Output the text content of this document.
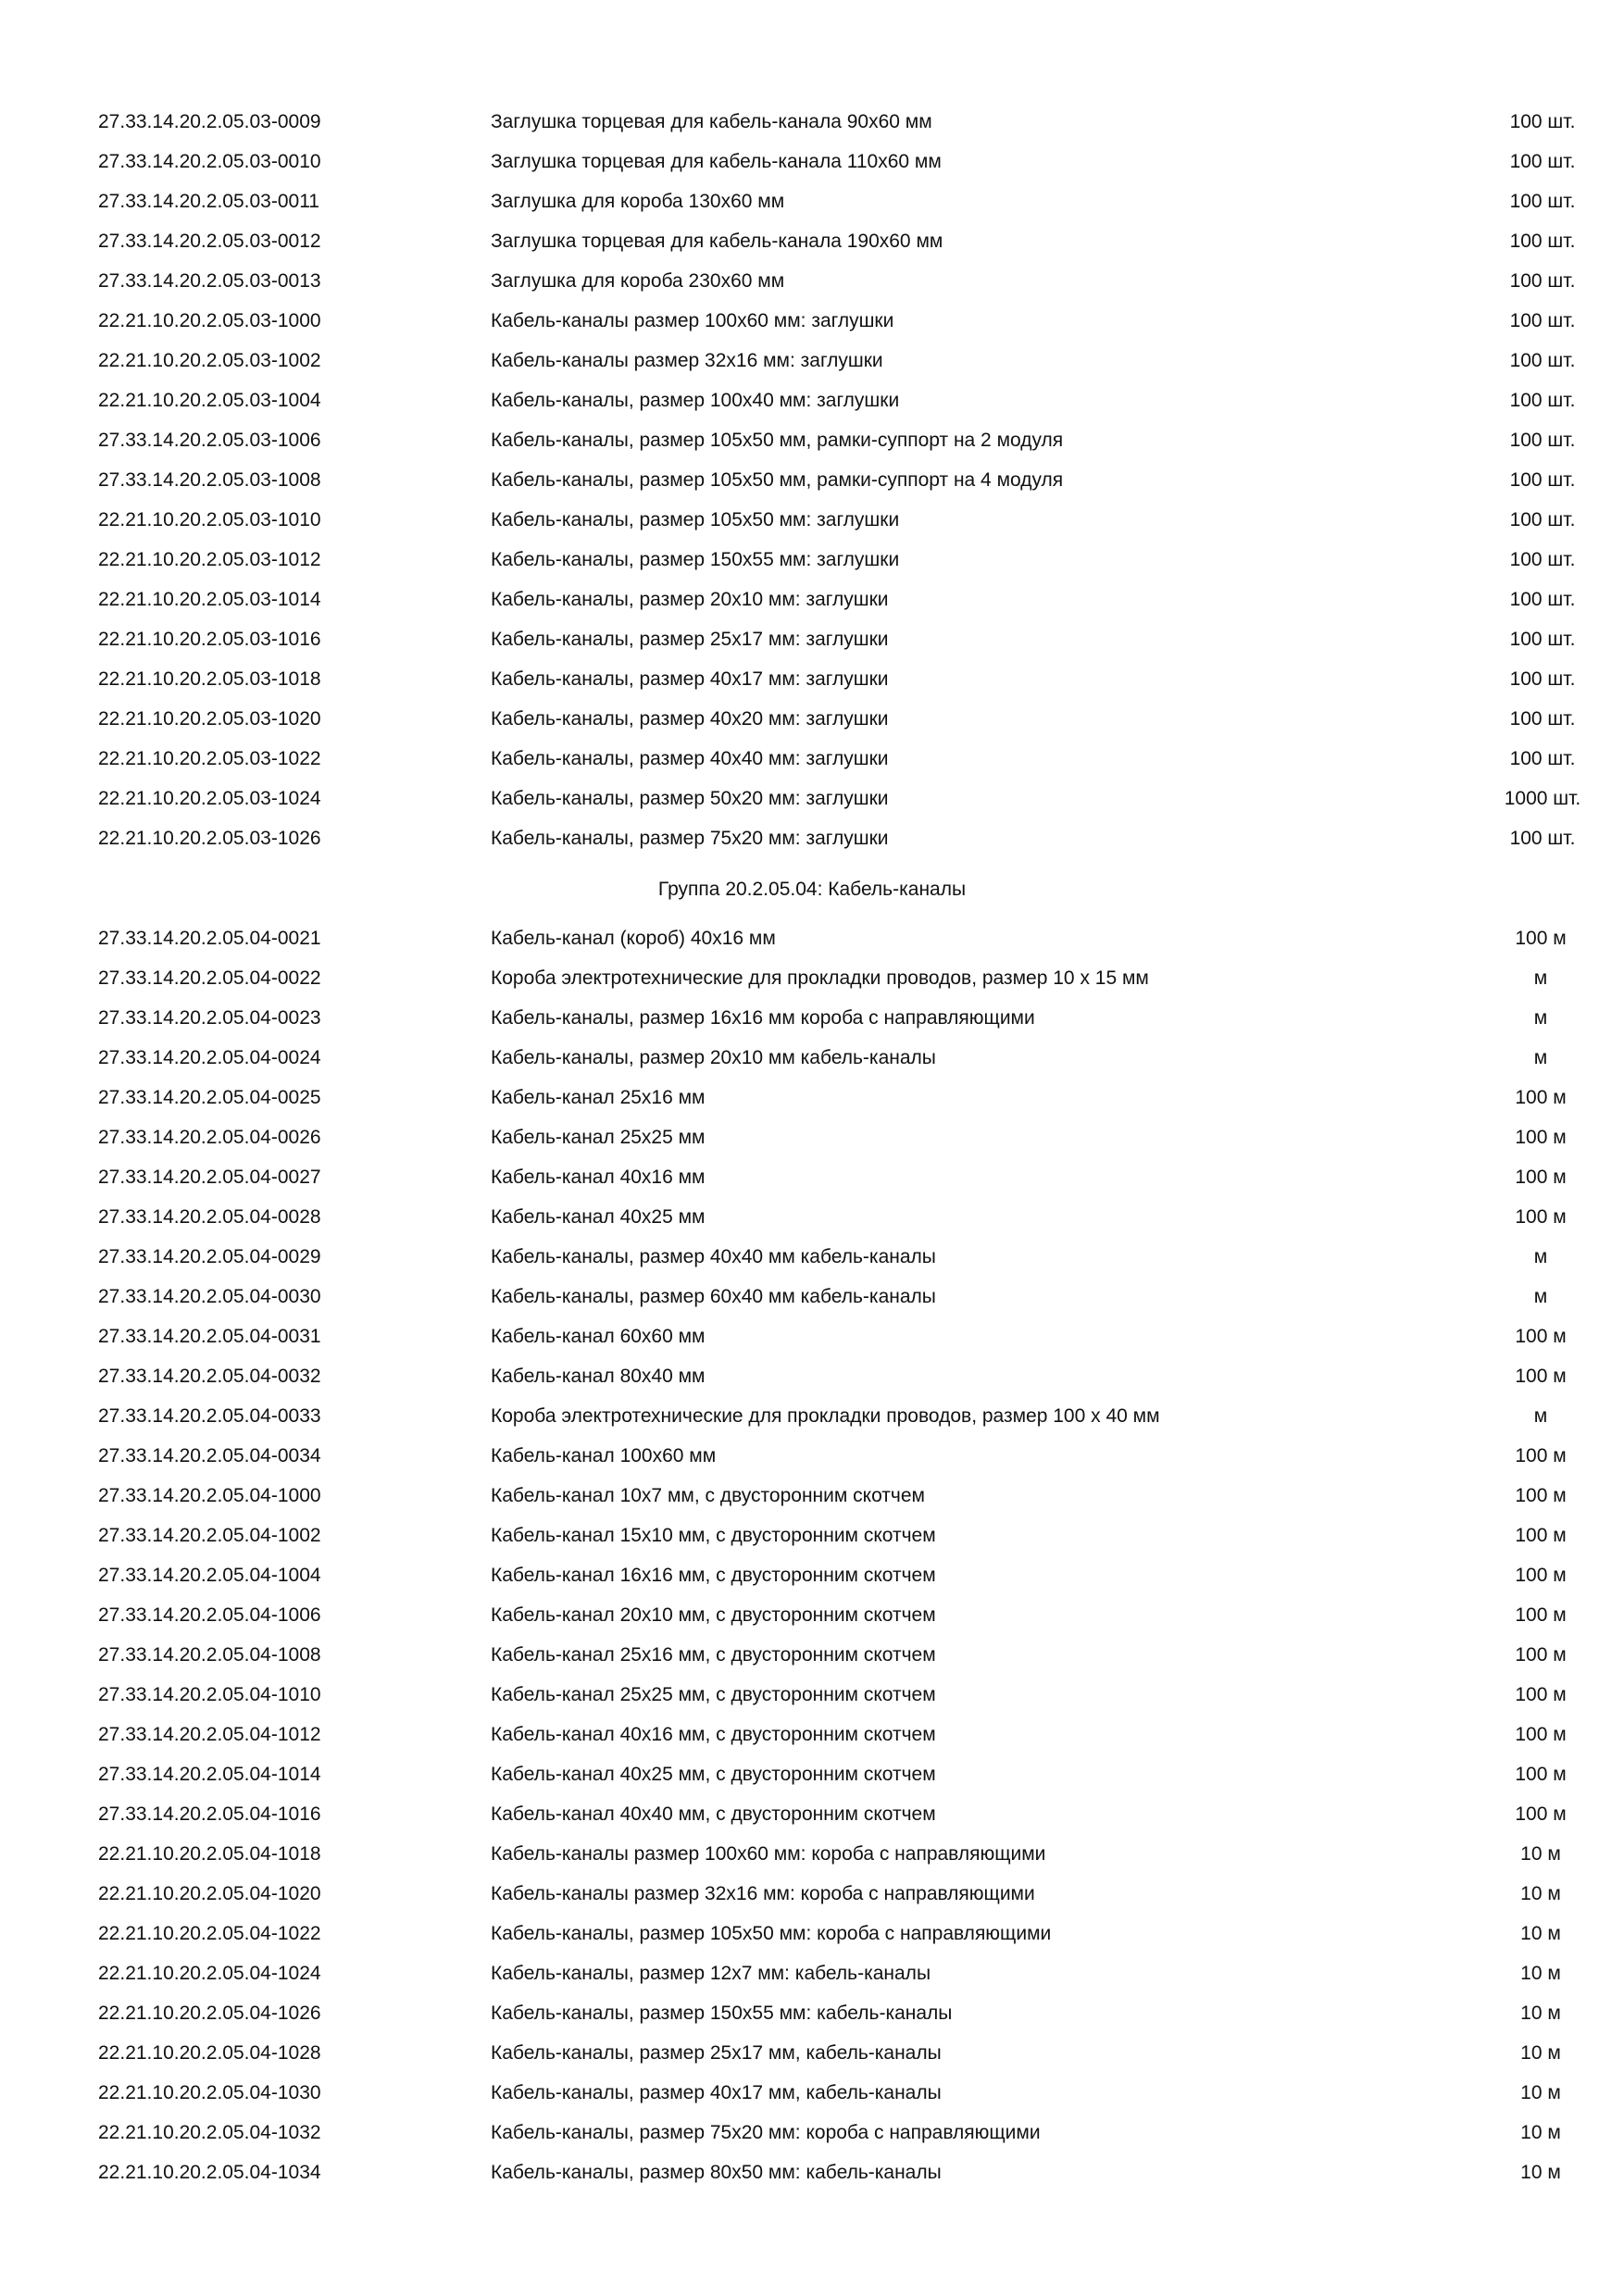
27.33.14.20.2.05.03-0009	Заглушка торцевая для кабель-канала 90х60 мм	100 шт.
27.33.14.20.2.05.03-0010	Заглушка торцевая для кабель-канала 110х60 мм	100 шт.
27.33.14.20.2.05.03-0011	Заглушка для короба 130х60 мм	100 шт.
27.33.14.20.2.05.03-0012	Заглушка торцевая для кабель-канала 190х60 мм	100 шт.
27.33.14.20.2.05.03-0013	Заглушка для короба 230х60 мм	100 шт.
22.21.10.20.2.05.03-1000	Кабель-каналы размер 100х60 мм: заглушки	100 шт.
22.21.10.20.2.05.03-1002	Кабель-каналы размер 32х16 мм: заглушки	100 шт.
22.21.10.20.2.05.03-1004	Кабель-каналы, размер 100х40 мм: заглушки	100 шт.
27.33.14.20.2.05.03-1006	Кабель-каналы, размер 105х50 мм, рамки-суппорт на 2 модуля	100 шт.
27.33.14.20.2.05.03-1008	Кабель-каналы, размер 105х50 мм, рамки-суппорт на 4 модуля	100 шт.
22.21.10.20.2.05.03-1010	Кабель-каналы, размер 105х50 мм: заглушки	100 шт.
22.21.10.20.2.05.03-1012	Кабель-каналы, размер 150х55 мм: заглушки	100 шт.
22.21.10.20.2.05.03-1014	Кабель-каналы, размер 20х10 мм: заглушки	100 шт.
22.21.10.20.2.05.03-1016	Кабель-каналы, размер 25х17 мм: заглушки	100 шт.
22.21.10.20.2.05.03-1018	Кабель-каналы, размер 40х17 мм: заглушки	100 шт.
22.21.10.20.2.05.03-1020	Кабель-каналы, размер 40х20 мм: заглушки	100 шт.
22.21.10.20.2.05.03-1022	Кабель-каналы, размер 40х40 мм: заглушки	100 шт.
22.21.10.20.2.05.03-1024	Кабель-каналы, размер 50х20 мм: заглушки	1000 шт.
22.21.10.20.2.05.03-1026	Кабель-каналы, размер 75х20 мм: заглушки	100 шт.
Группа 20.2.05.04: Кабель-каналы
27.33.14.20.2.05.04-0021	Кабель-канал (короб) 40х16 мм	100 м
27.33.14.20.2.05.04-0022	Короба электротехнические для прокладки проводов, размер 10 х 15 мм	м
27.33.14.20.2.05.04-0023	Кабель-каналы, размер 16х16 мм короба с направляющими	м
27.33.14.20.2.05.04-0024	Кабель-каналы, размер 20х10 мм кабель-каналы	м
27.33.14.20.2.05.04-0025	Кабель-канал 25х16 мм	100 м
27.33.14.20.2.05.04-0026	Кабель-канал 25х25 мм	100 м
27.33.14.20.2.05.04-0027	Кабель-канал 40х16 мм	100 м
27.33.14.20.2.05.04-0028	Кабель-канал 40х25 мм	100 м
27.33.14.20.2.05.04-0029	Кабель-каналы, размер 40х40 мм кабель-каналы	м
27.33.14.20.2.05.04-0030	Кабель-каналы, размер 60х40 мм кабель-каналы	м
27.33.14.20.2.05.04-0031	Кабель-канал 60х60 мм	100 м
27.33.14.20.2.05.04-0032	Кабель-канал 80х40 мм	100 м
27.33.14.20.2.05.04-0033	Короба электротехнические для прокладки проводов, размер 100 х 40 мм	м
27.33.14.20.2.05.04-0034	Кабель-канал 100х60 мм	100 м
27.33.14.20.2.05.04-1000	Кабель-канал 10х7 мм, с двусторонним скотчем	100 м
27.33.14.20.2.05.04-1002	Кабель-канал 15х10 мм, с двусторонним скотчем	100 м
27.33.14.20.2.05.04-1004	Кабель-канал 16х16 мм, с двусторонним скотчем	100 м
27.33.14.20.2.05.04-1006	Кабель-канал 20х10 мм, с двусторонним скотчем	100 м
27.33.14.20.2.05.04-1008	Кабель-канал 25х16 мм, с двусторонним скотчем	100 м
27.33.14.20.2.05.04-1010	Кабель-канал 25х25 мм, с двусторонним скотчем	100 м
27.33.14.20.2.05.04-1012	Кабель-канал 40х16 мм, с двусторонним скотчем	100 м
27.33.14.20.2.05.04-1014	Кабель-канал 40х25 мм, с двусторонним скотчем	100 м
27.33.14.20.2.05.04-1016	Кабель-канал 40х40 мм, с двусторонним скотчем	100 м
22.21.10.20.2.05.04-1018	Кабель-каналы размер 100х60 мм: короба с направляющими	10 м
22.21.10.20.2.05.04-1020	Кабель-каналы размер 32х16 мм: короба с направляющими	10 м
22.21.10.20.2.05.04-1022	Кабель-каналы, размер 105х50 мм: короба с направляющими	10 м
22.21.10.20.2.05.04-1024	Кабель-каналы, размер 12х7 мм: кабель-каналы	10 м
22.21.10.20.2.05.04-1026	Кабель-каналы, размер 150х55 мм: кабель-каналы	10 м
22.21.10.20.2.05.04-1028	Кабель-каналы, размер 25х17 мм, кабель-каналы	10 м
22.21.10.20.2.05.04-1030	Кабель-каналы, размер 40х17 мм, кабель-каналы	10 м
22.21.10.20.2.05.04-1032	Кабель-каналы, размер 75х20 мм: короба с направляющими	10 м
22.21.10.20.2.05.04-1034	Кабель-каналы, размер 80х50 мм: кабель-каналы	10 м
